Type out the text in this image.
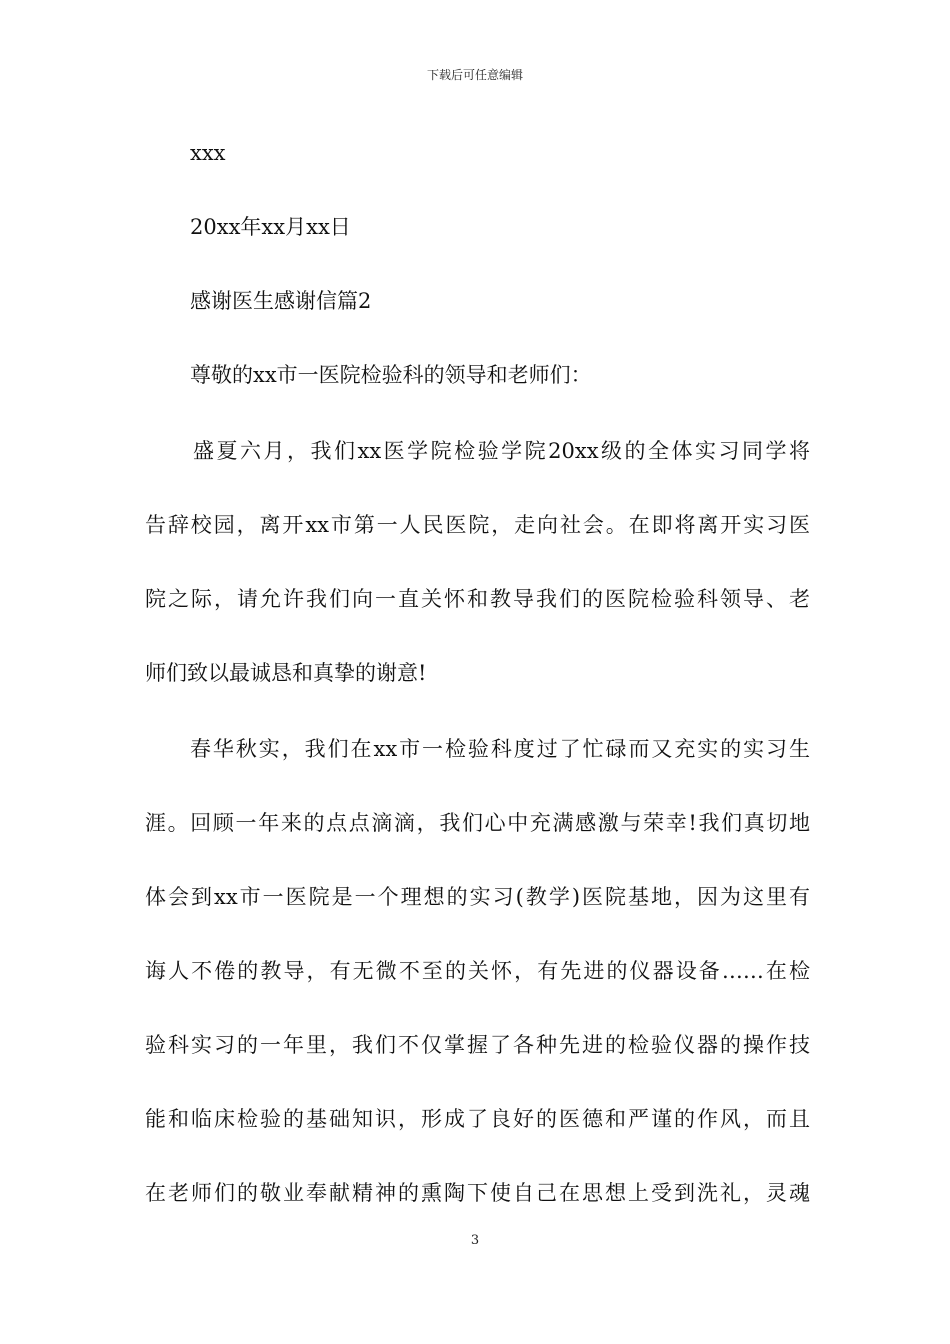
下载后可任意编辑
xxx
20xx年xx月xx日
感谢医生感谢信篇2
尊敬的xx市一医院检验科的领导和老师们：
盛夏六月，我们xx医学院检验学院20xx级的全体实习同学将
告辞校园，离开xx市第一人民医院，走向社会。在即将离开实习医
院之际，请允许我们向一直关怀和教导我们的医院检验科领导、老
师们致以最诚恳和真挚的谢意!
春华秋实，我们在xx市一检验科度过了忙碌而又充实的实习生
涯。回顾一年来的点点滴滴，我们心中充满感激与荣幸!我们真切地
体会到xx市一医院是一个理想的实习(教学)医院基地，因为这里有
诲人不倦的教导，有无微不至的关怀，有先进的仪器设备……在检
验科实习的一年里，我们不仅掌握了各种先进的检验仪器的操作技
能和临床检验的基础知识，形成了良好的医德和严谨的作风，而且
在老师们的敬业奉献精神的熏陶下使自己在思想上受到洗礼，灵魂
3
